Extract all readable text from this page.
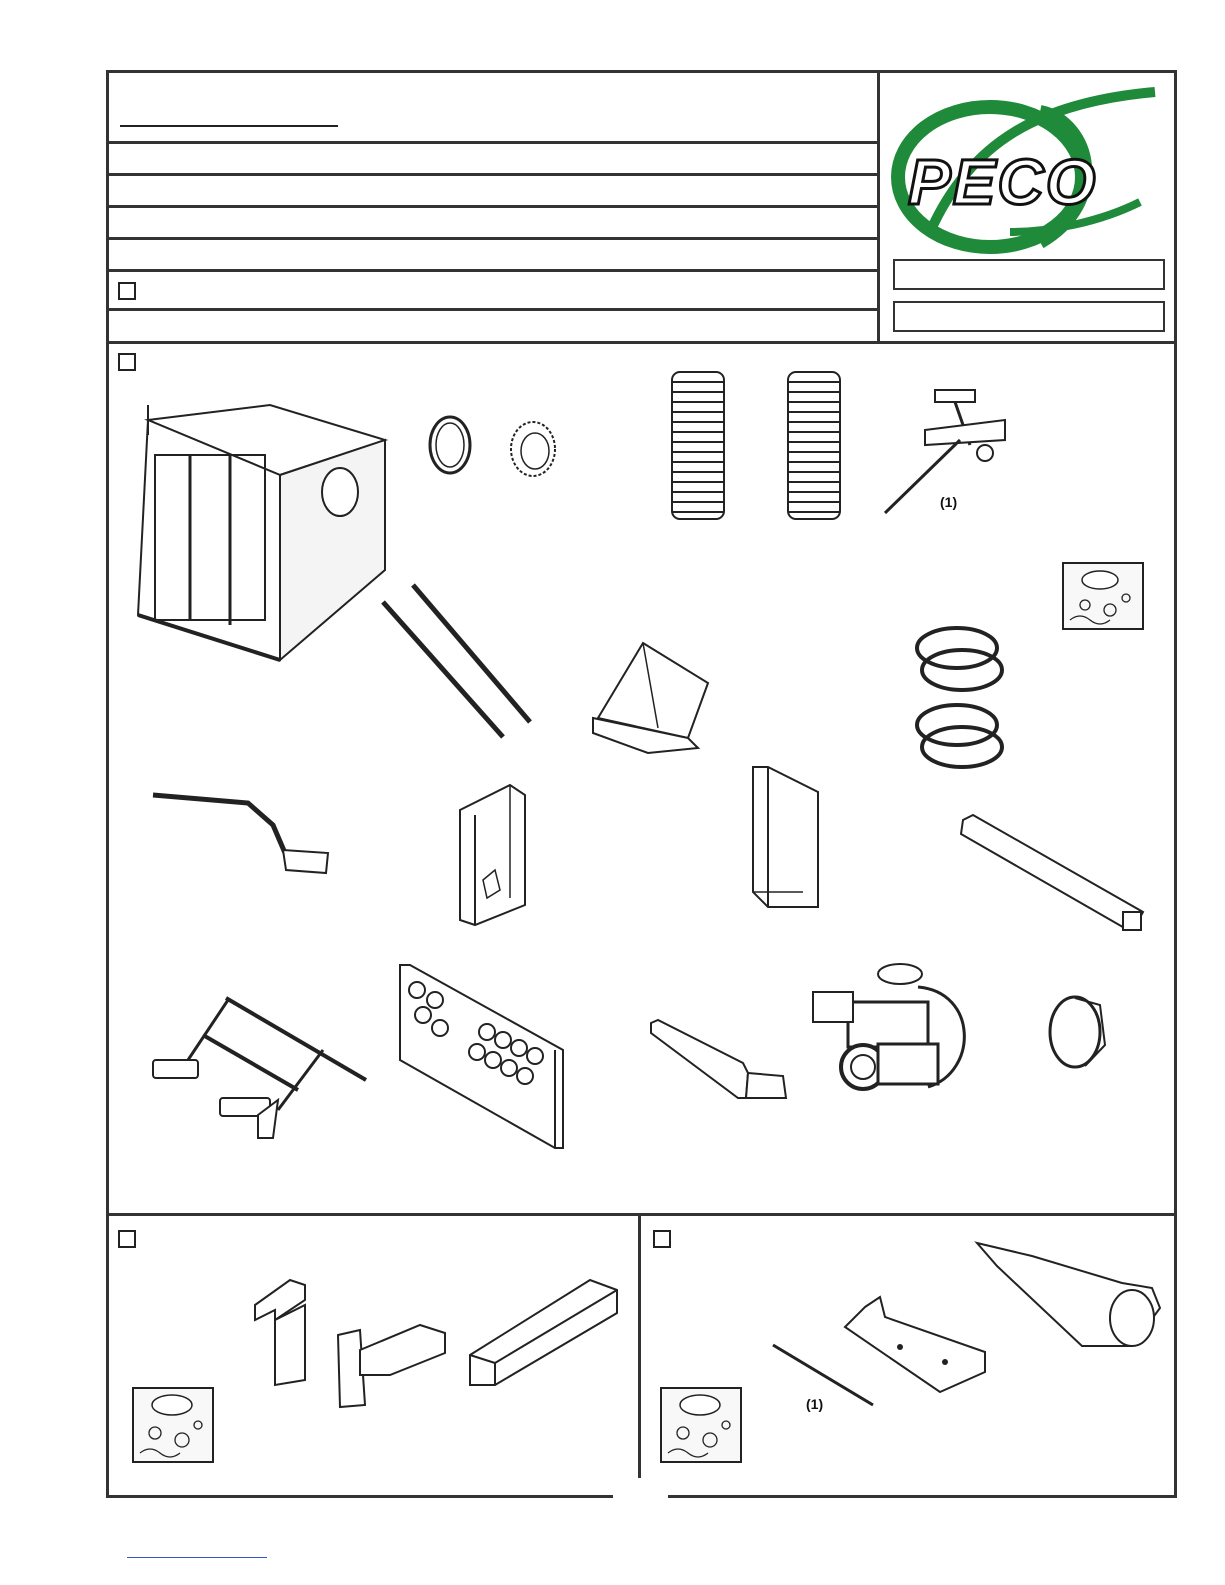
PECO
(1)
(1)
